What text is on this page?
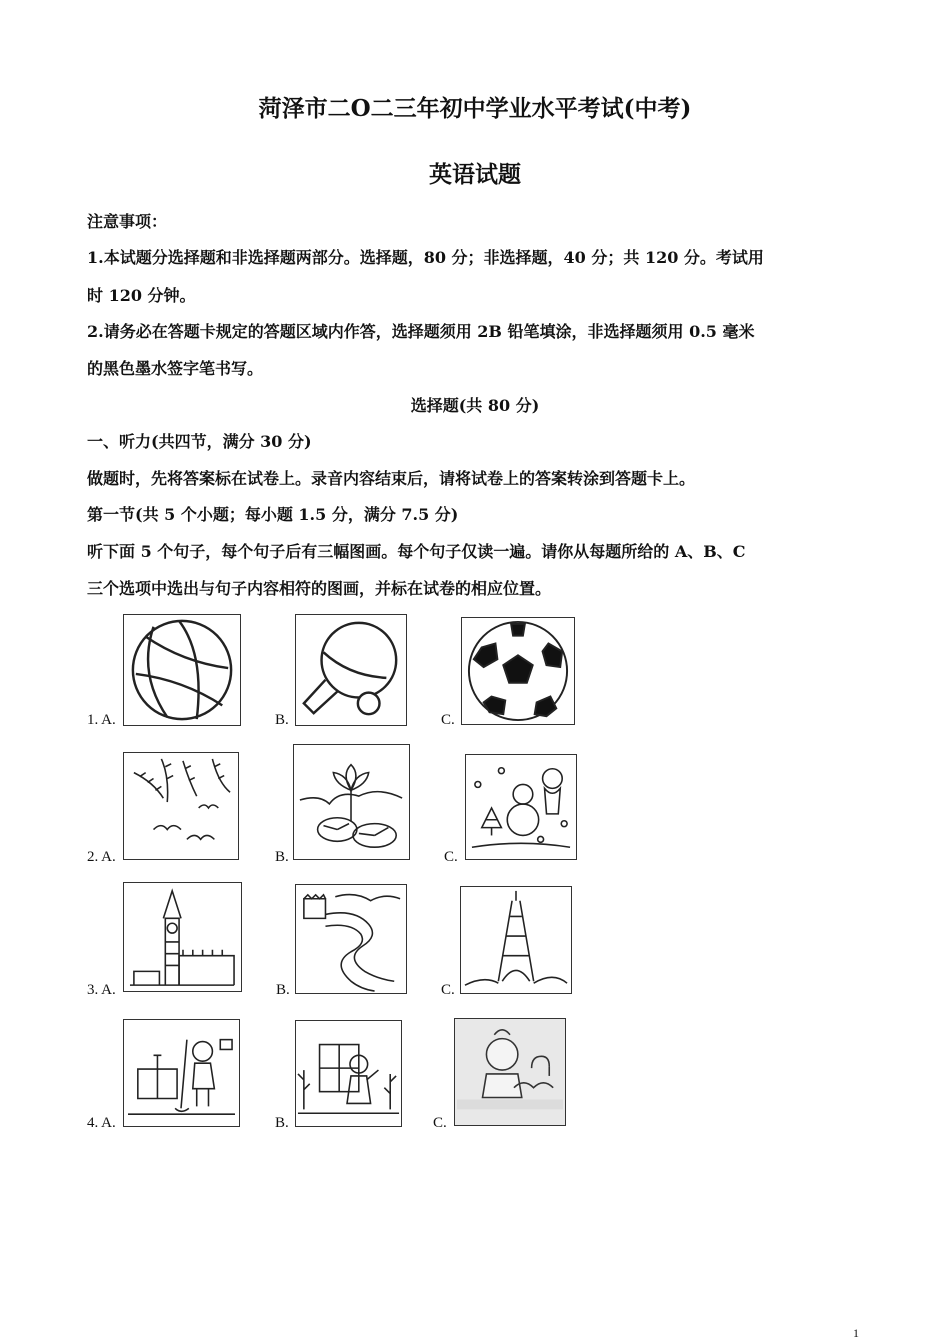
菏泽市二O二三年初中学业水平考试(中考)
英语试题
注意事项：
1.本试题分选择题和非选择题两部分。选择题，80 分；非选择题，40 分；共 120 分。考试用
时 120 分钟。
2.请务必在答题卡规定的答题区域内作答，选择题须用 2B 铅笔填涂，非选择题须用 0.5 毫米
的黑色墨水签字笔书写。
选择题(共 80 分)
一、听力(共四节，满分 30 分)
做题时，先将答案标在试卷上。录音内容结束后，请将试卷上的答案转涂到答题卡上。
第一节(共 5 个小题；每小题 1.5 分，满分 7.5 分)
听下面 5 个句子，每个句子后有三幅图画。每个句子仅读一遍。请你从每题所给的 A、B、C
三个选项中选出与句子内容相符的图画，并标在试卷的相应位置。
1. A.	B.	C.
2. A.	B.	C.
3. A.	B.	C.
4. A.	B.	C.
1
